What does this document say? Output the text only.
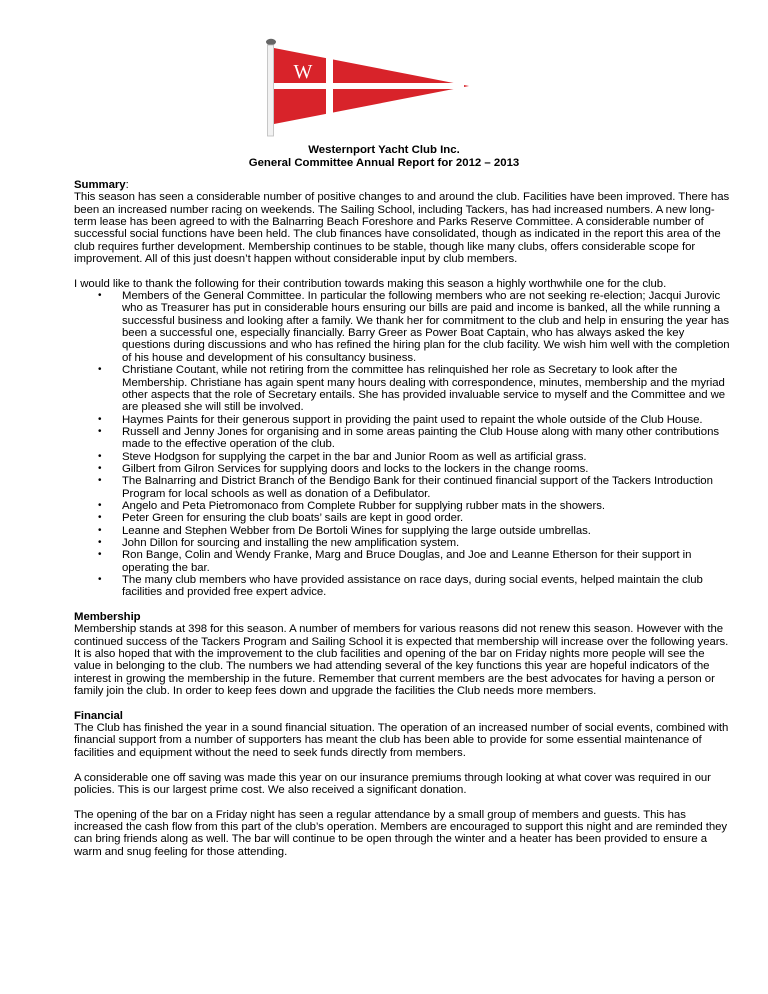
W
Westernport Yacht Club Inc.
General Committee Annual Report for 2012 – 2013

Summary:

This season has seen a considerable number of positive changes to and around the club. Facilities have been improved. There has been an increased number racing on weekends. The Sailing School, including Tackers, has had increased numbers. A new long-term lease has been agreed to with the Balnarring Beach Foreshore and Parks Reserve Committee. A considerable number of successful social functions have been held. The club finances have consolidated, though as indicated in the report this area of the club requires further development. Membership continues to be stable, though like many clubs, offers considerable scope for improvement. All of this just doesn’t happen without considerable input by club members.

I would like to thank the following for their contribution towards making this season a highly worthwhile one for the club.

• Members of the General Committee. In particular the following members who are not seeking re-election; Jacqui Jurovic who as Treasurer has put in considerable hours ensuring our bills are paid and income is banked, all the while running a successful business and looking after a family. We thank her for commitment to the club and help in ensuring the year has been a successful one, especially financially. Barry Greer as Power Boat Captain, who has always asked the key questions during discussions and who has refined the hiring plan for the club facility. We wish him well with the completion of his house and development of his consultancy business.
• Christiane Coutant, while not retiring from the committee has relinquished her role as Secretary to look after the Membership. Christiane has again spent many hours dealing with correspondence, minutes, membership and the myriad other aspects that the role of Secretary entails. She has provided invaluable service to myself and the Committee and we are pleased she will still be involved.
• Haymes Paints for their generous support in providing the paint used to repaint the whole outside of the Club House.
• Russell and Jenny Jones for organising and in some areas painting the Club House along with many other contributions made to the effective operation of the club.
• Steve Hodgson for supplying the carpet in the bar and Junior Room as well as artificial grass.
• Gilbert from Gilron Services for supplying doors and locks to the lockers in the change rooms.
• The Balnarring and District Branch of the Bendigo Bank for their continued financial support of the Tackers Introduction Program for local schools as well as donation of a Defibulator.
• Angelo and Peta Pietromonaco from Complete Rubber for supplying rubber mats in the showers.
• Peter Green for ensuring the club boats’ sails are kept in good order.
• Leanne and Stephen Webber from De Bortoli Wines for supplying the large outside umbrellas.
• John Dillon for sourcing and installing the new amplification system.
• Ron Bange, Colin and Wendy Franke, Marg and Bruce Douglas, and Joe and Leanne Etherson for their support in operating the bar.
• The many club members who have provided assistance on race days, during social events, helped maintain the club facilities and provided free expert advice.

Membership

Membership stands at 398 for this season. A number of members for various reasons did not renew this season. However with the continued success of the Tackers Program and Sailing School it is expected that membership will increase over the following years. It is also hoped that with the improvement to the club facilities and opening of the bar on Friday nights more people will see the value in belonging to the club. The numbers we had attending several of the key functions this year are hopeful indicators of the interest in growing the membership in the future. Remember that current members are the best advocates for having a person or family join the club. In order to keep fees down and upgrade the facilities the Club needs more members.

Financial

The Club has finished the year in a sound financial situation. The operation of an increased number of social events, combined with financial support from a number of supporters has meant the club has been able to provide for some essential maintenance of facilities and equipment without the need to seek funds directly from members.

A considerable one off saving was made this year on our insurance premiums through looking at what cover was required in our policies. This is our largest prime cost. We also received a significant donation.

The opening of the bar on a Friday night has seen a regular attendance by a small group of members and guests. This has increased the cash flow from this part of the club’s operation. Members are encouraged to support this night and are reminded they can bring friends along as well. The bar will continue to be open through the winter and a heater has been provided to ensure a warm and snug feeling for those attending.
